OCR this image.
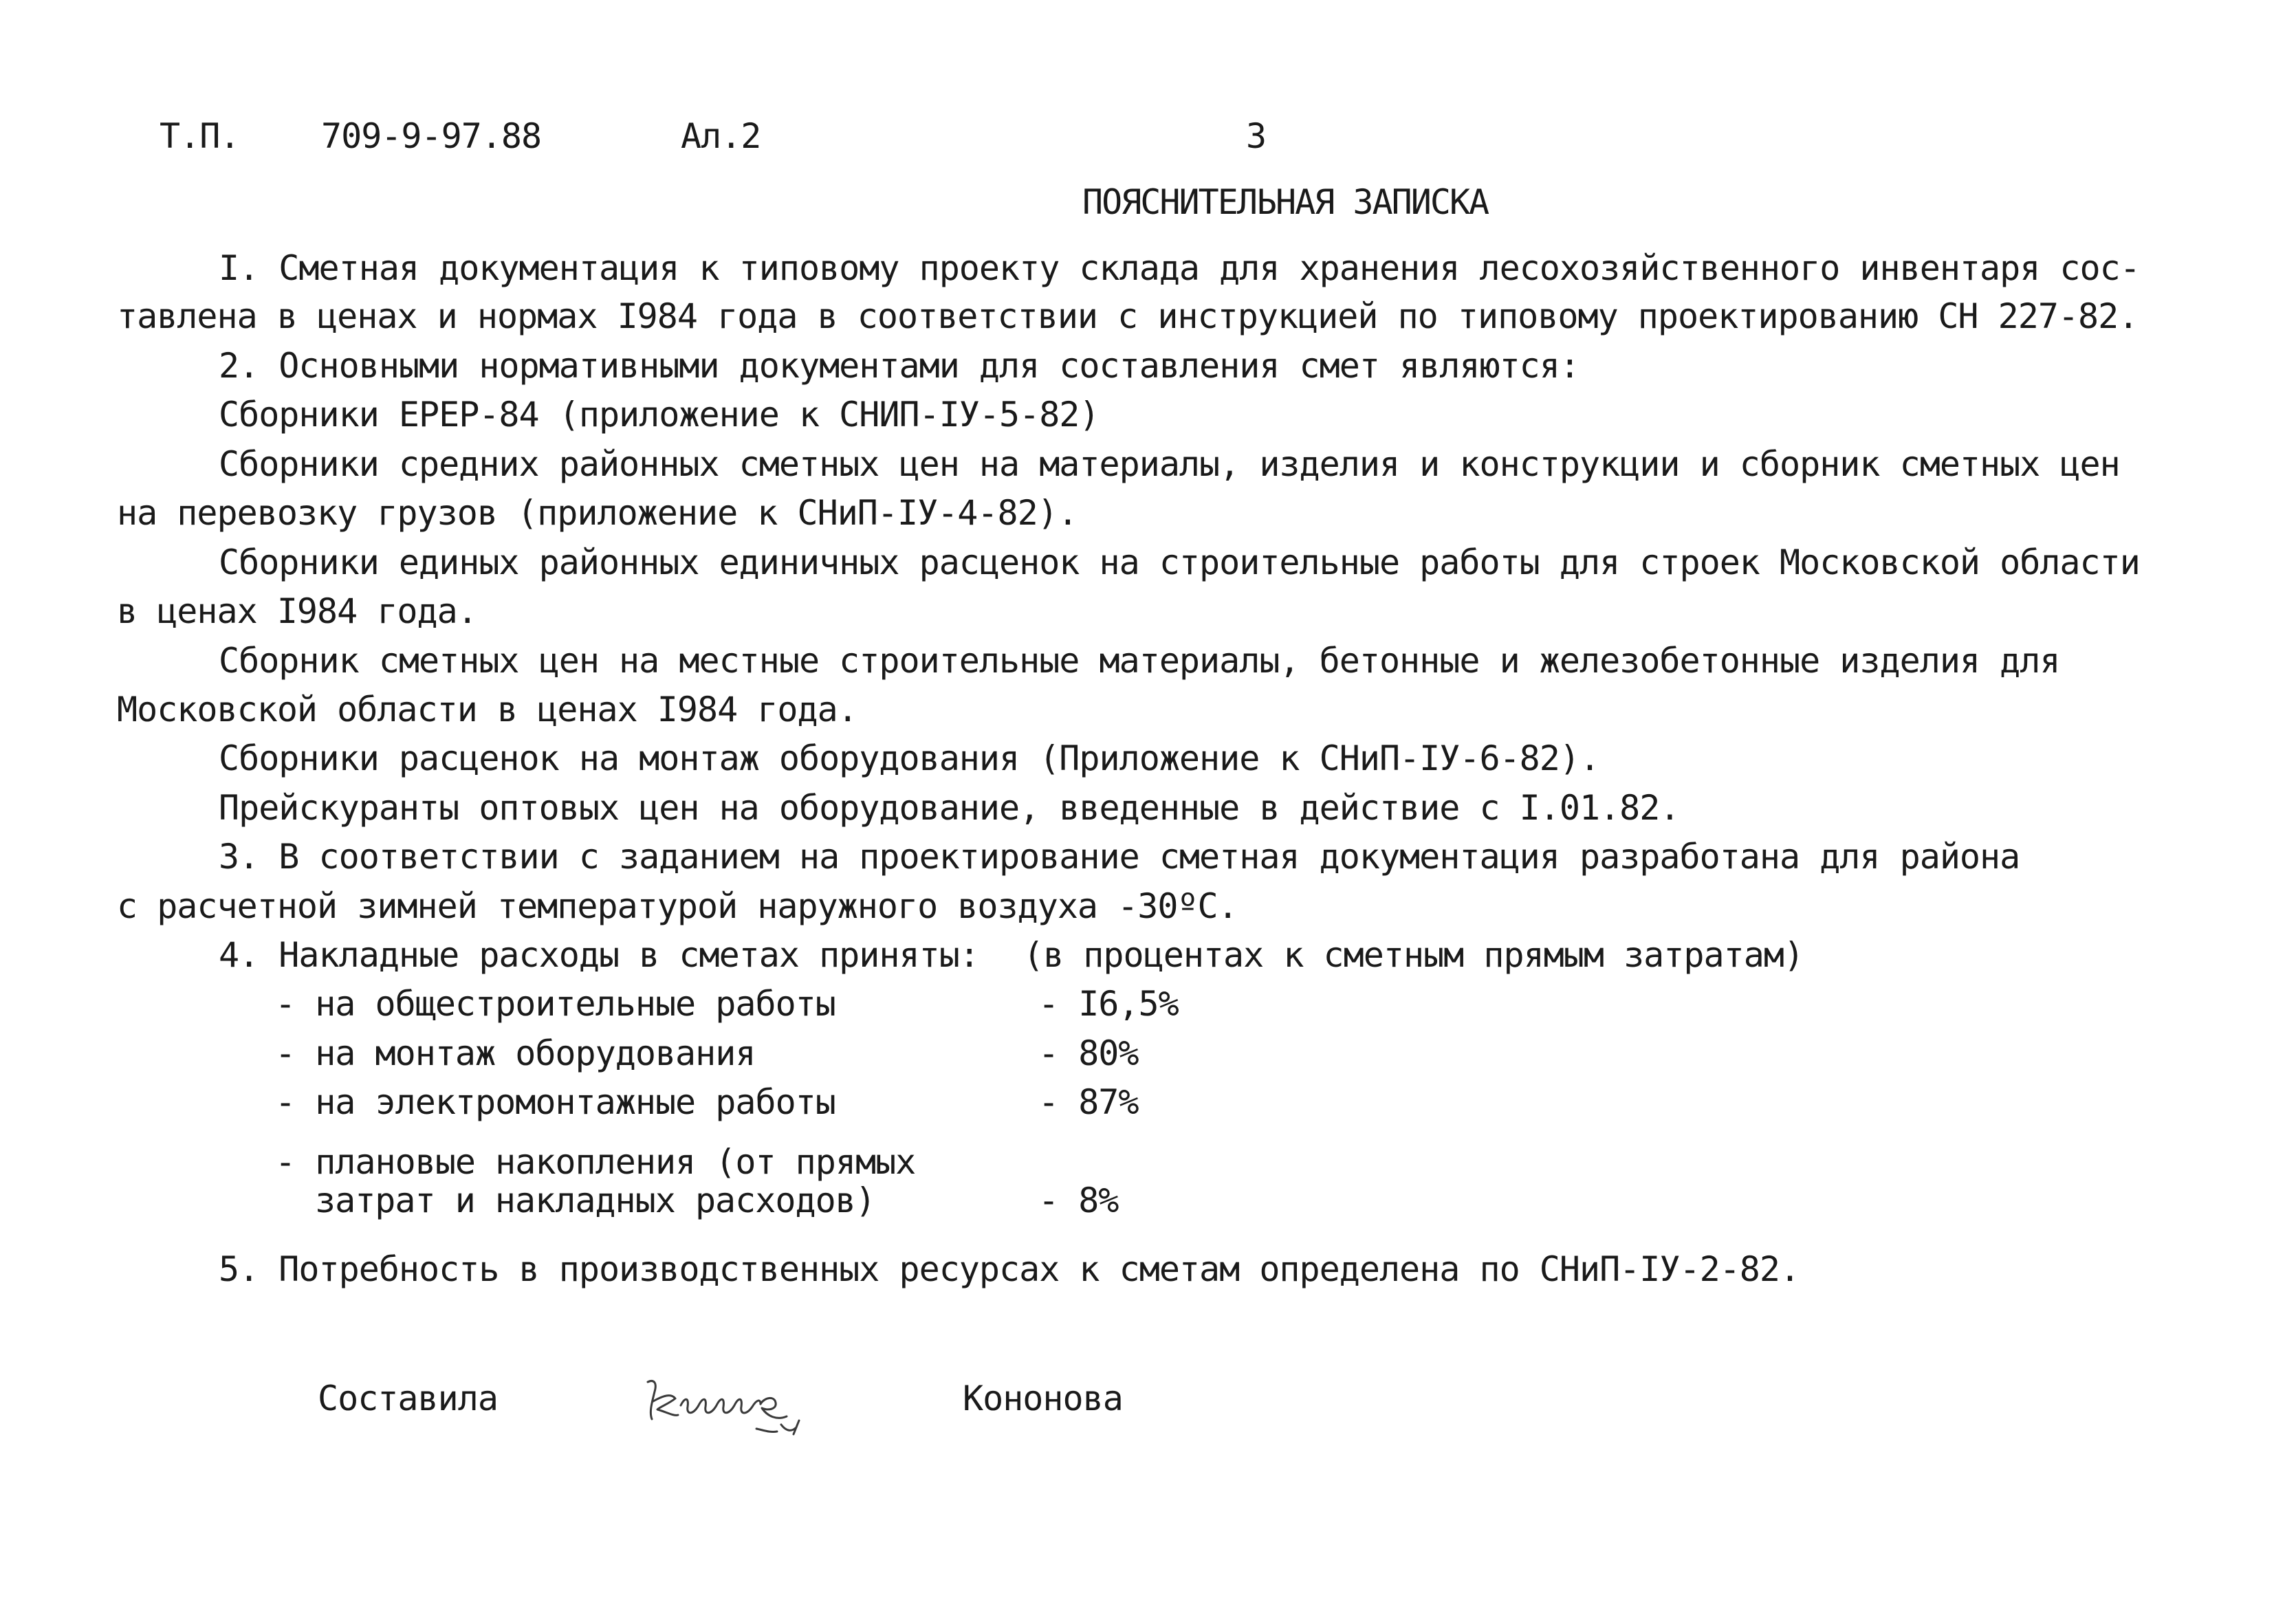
Т.П. 709-9-97.88	Ал.2	3
ПОЯСНИТЕЛЬНАЯ ЗАПИСКА
I. Сметная документация к типовому проекту склада для хранения лесохозяйственного инвентаря сос-
тавлена в ценах и нормах I984 года в соответствии с инструкцией по типовому проектированию СН 227-82.
2. Основными нормативными документами для составления смет являются:
Сборники ЕРЕР-84 (приложение к СНИП-IУ-5-82)
Сборники средних районных сметных цен на материалы, изделия и конструкции и сборник сметных цен
на перевозку грузов (приложение к СНиП-IУ-4-82).
Сборники единых районных единичных расценок на строительные работы для строек Московской области
в ценах I984 года.
Сборник сметных цен на местные строительные материалы, бетонные и железобетонные изделия для
Московской области в ценах I984 года.
Сборники расценок на монтаж оборудования (Приложение к СНиП-IУ-6-82).
Прейскуранты оптовых цен на оборудование, введенные в действие с I.01.82.
3. В соответствии с заданием на проектирование сметная документация разработана для района
с расчетной зимней температурой наружного воздуха -30ºС.
4. Накладные расходы в сметах приняты: (в процентах к сметным прямым затратам)
- на общестроительные работы	- I6,5%
- на монтаж оборудования	- 80%
- на электромонтажные работы	- 87%
- плановые накопления (от прямых
затрат и накладных расходов)	- 8%
5. Потребность в производственных ресурсах к сметам определена по СНиП-IУ-2-82.
Составила	Кононова
